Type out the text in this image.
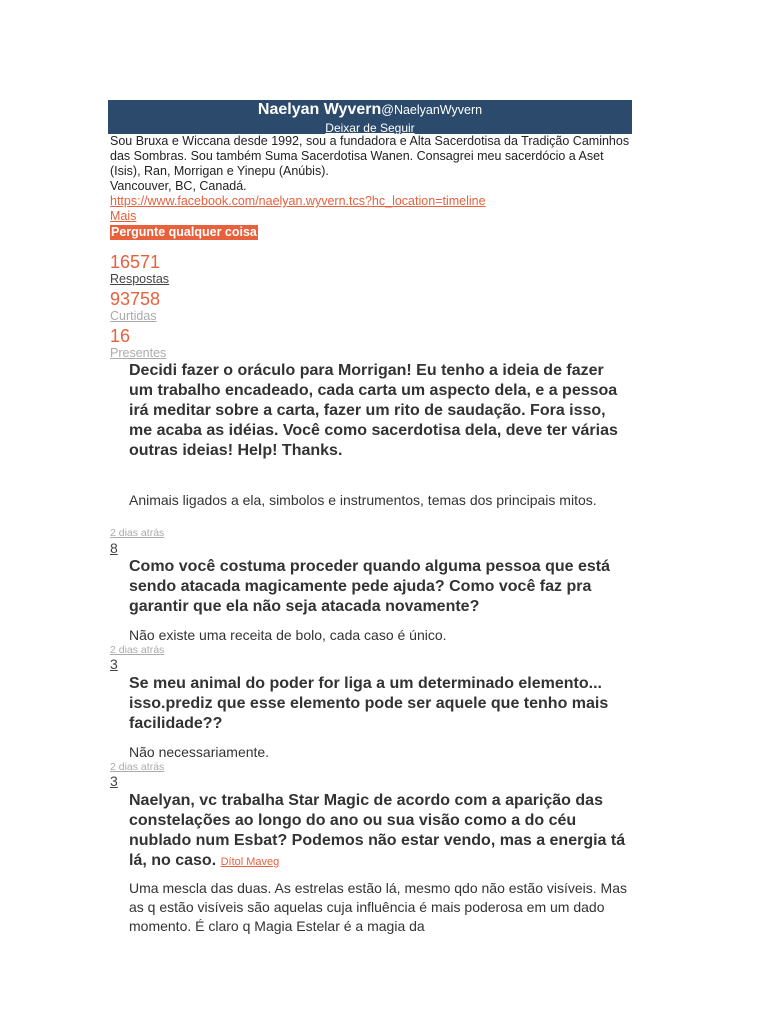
Naelyan Wyvern@NaelyanWyvern
Deixar de Seguir

Sou Bruxa e Wiccana desde 1992, sou a fundadora e Alta Sacerdotisa da Tradição Caminhos das Sombras. Sou também Suma Sacerdotisa Wanen. Consagrei meu sacerdócio a Aset (Isis), Ran, Morrigan e Yinepu (Anúbis).

Vancouver, BC, Canadá.

https://www.facebook.com/naelyan.wyvern.tcs?hc_location=timeline

Mais

Pergunte qualquer coisa

16571
Respostas
93758
Curtidas
16
Presentes
Decidi fazer o oráculo para Morrigan! Eu tenho a ideia de fazer um trabalho encadeado, cada carta um aspecto dela, e a pessoa irá meditar sobre a carta, fazer um rito de saudação. Fora isso, me acaba as idéias. Você como sacerdotisa dela, deve ter várias outras ideias! Help! Thanks.
Animais ligados a ela, simbolos e instrumentos, temas dos principais mitos.
2 dias atrás
8
Como você costuma proceder quando alguma pessoa que está sendo atacada magicamente pede ajuda? Como você faz pra garantir que ela não seja atacada novamente?
Não existe uma receita de bolo, cada caso é único.
2 dias atrás
3
Se meu animal do poder for liga a um determinado elemento... isso.prediz que esse elemento pode ser aquele que tenho mais facilidade??
Não necessariamente.
2 dias atrás
3
Naelyan, vc trabalha Star Magic de acordo com a aparição das constelações ao longo do ano ou sua visão como a do céu nublado num Esbat? Podemos não estar vendo, mas a energia tá lá, no caso. Dítol Maveg
Uma mescla das duas. As estrelas estão lá, mesmo qdo não estão visíveis. Mas as q estão visíveis são aquelas cuja influência é mais poderosa em um dado momento. É claro q Magia Estelar é a magia da
